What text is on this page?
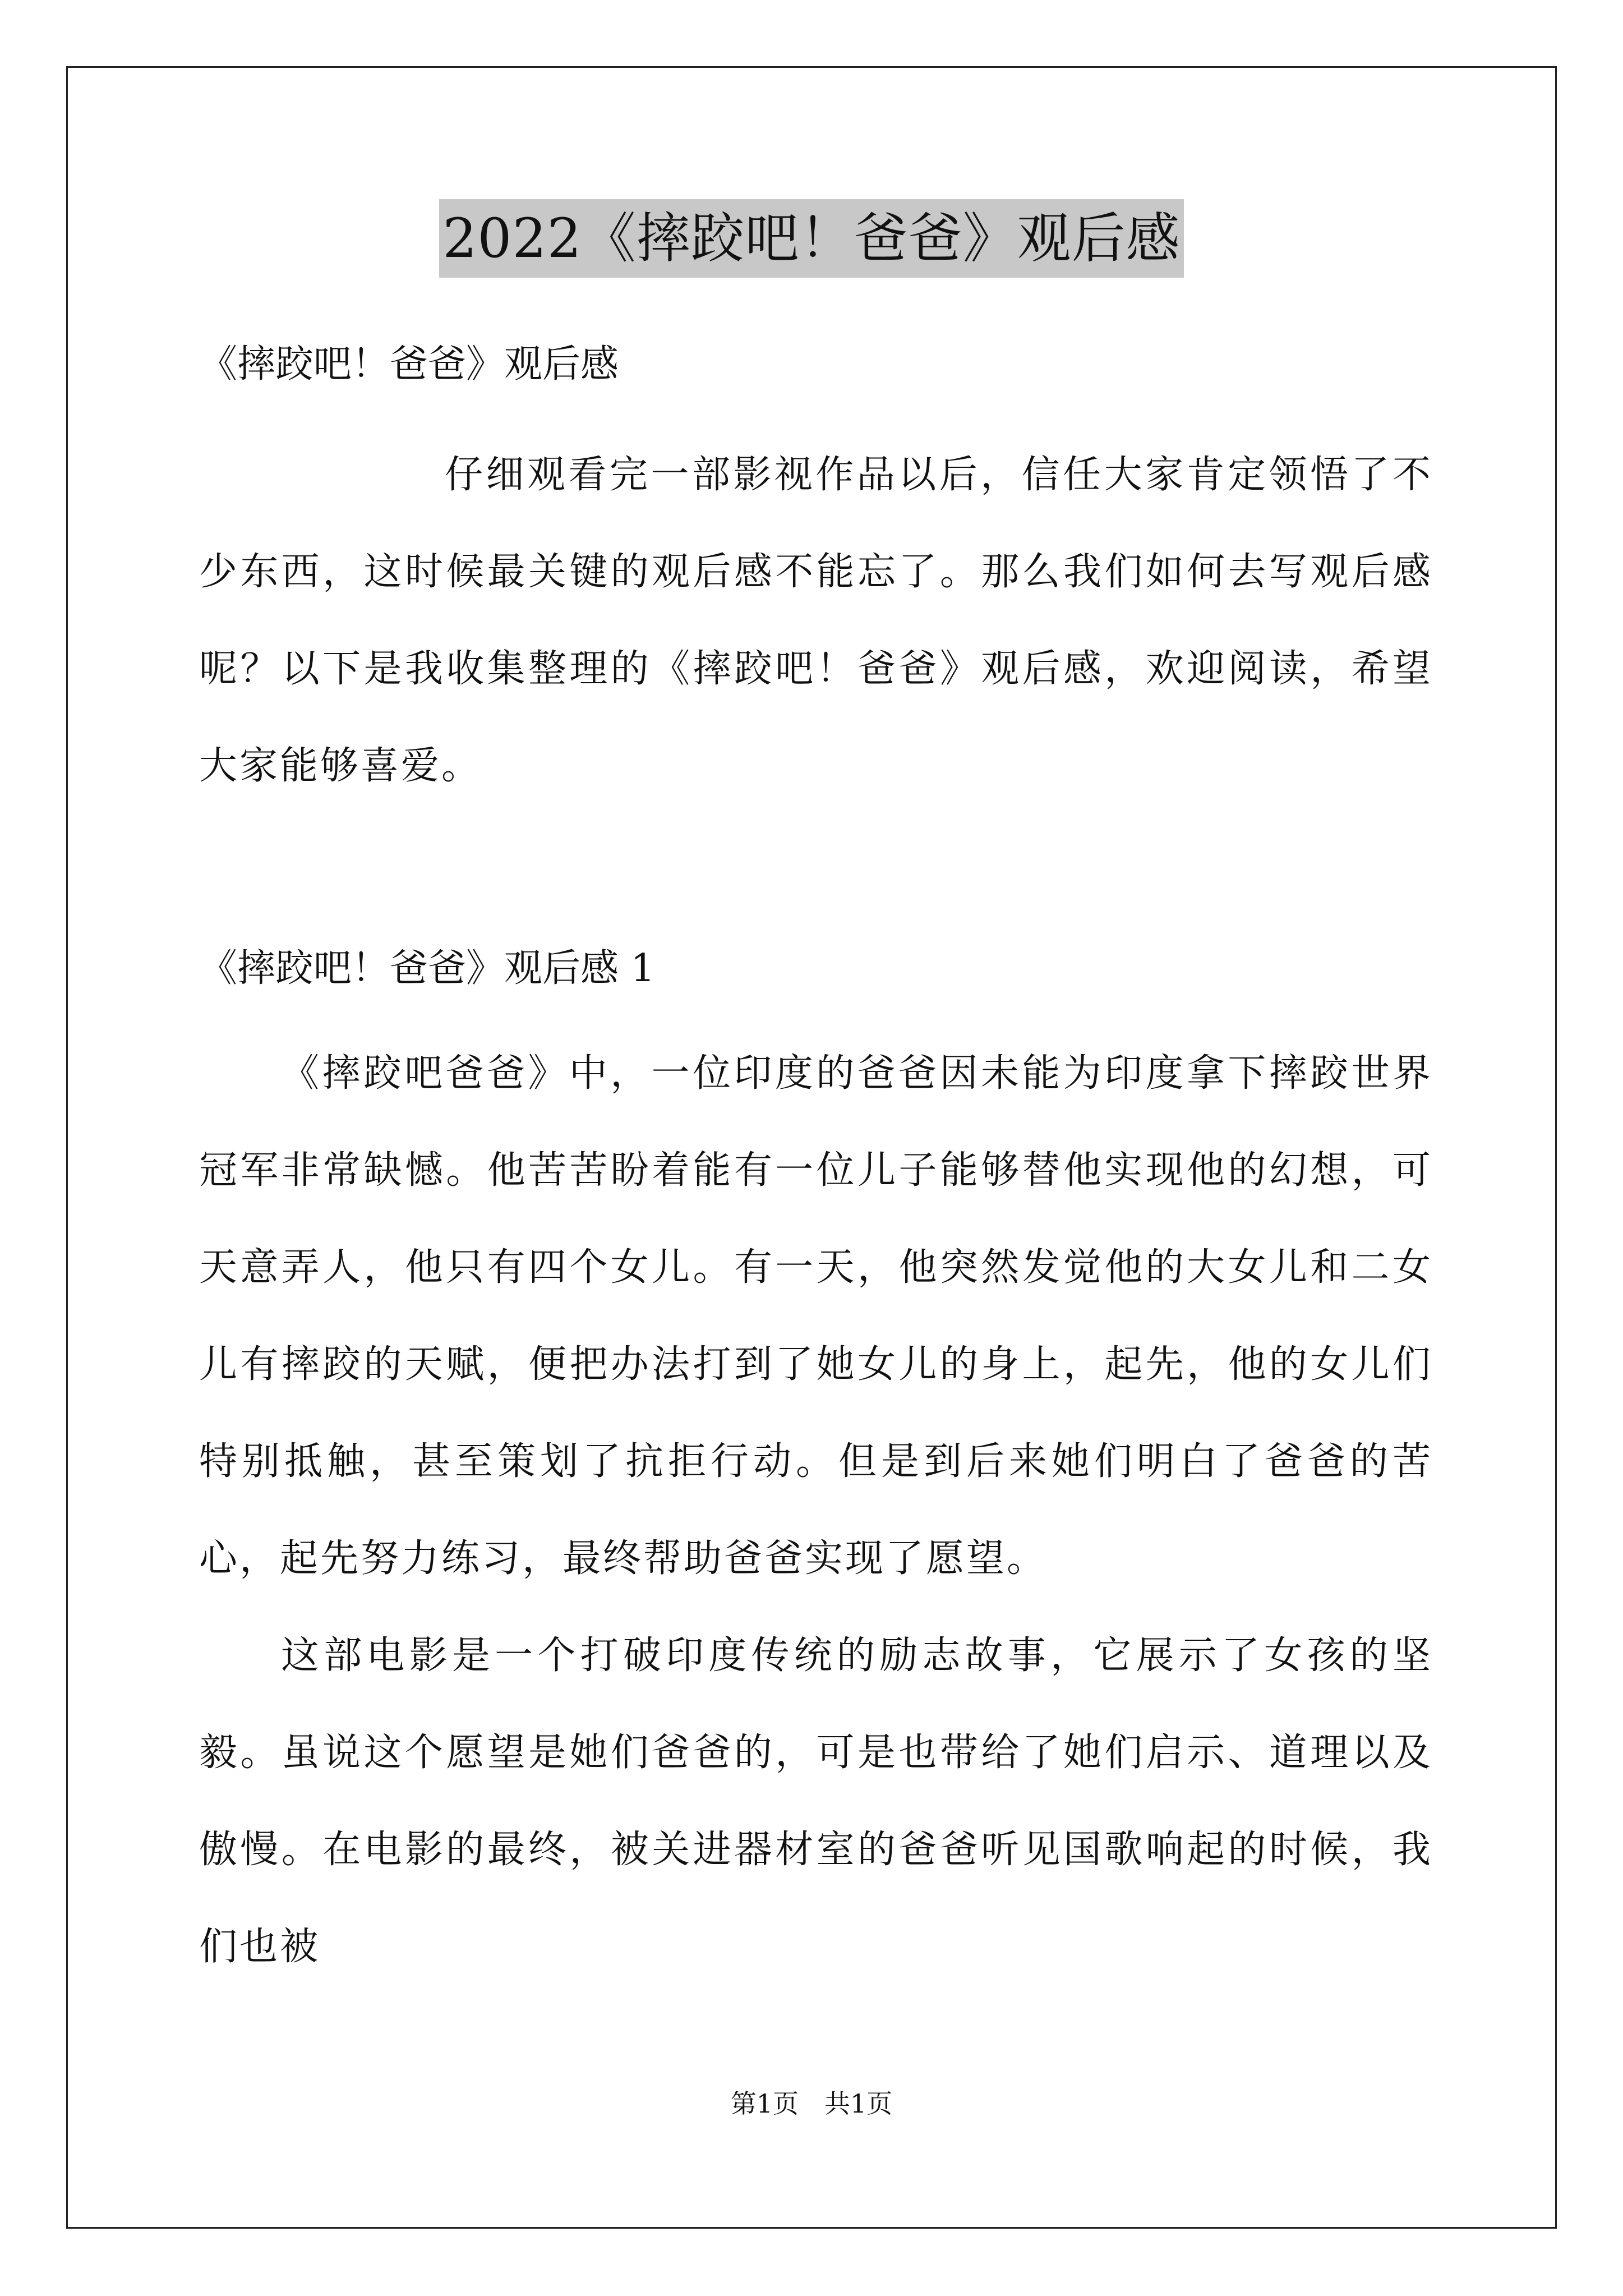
2022《摔跤吧！爸爸》观后感

《摔跤吧！爸爸》观后感

仔细观看完一部影视作品以后，信任大家肯定领悟了不少东西，这时候最关键的观后感不能忘了。那么我们如何去写观后感呢？以下是我收集整理的《摔跤吧！爸爸》观后感，欢迎阅读，希望大家能够喜爱。

《摔跤吧！爸爸》观后感 1

《摔跤吧爸爸》中，一位印度的爸爸因未能为印度拿下摔跤世界冠军非常缺憾。他苦苦盼着能有一位儿子能够替他实现他的幻想，可天意弄人，他只有四个女儿。有一天，他突然发觉他的大女儿和二女儿有摔跤的天赋，便把办法打到了她女儿的身上，起先，他的女儿们特别抵触，甚至策划了抗拒行动。但是到后来她们明白了爸爸的苦心，起先努力练习，最终帮助爸爸实现了愿望。

这部电影是一个打破印度传统的励志故事，它展示了女孩的坚毅。虽说这个愿望是她们爸爸的，可是也带给了她们启示、道理以及傲慢。在电影的最终，被关进器材室的爸爸听见国歌响起的时候，我们也被

第1页　共1页
